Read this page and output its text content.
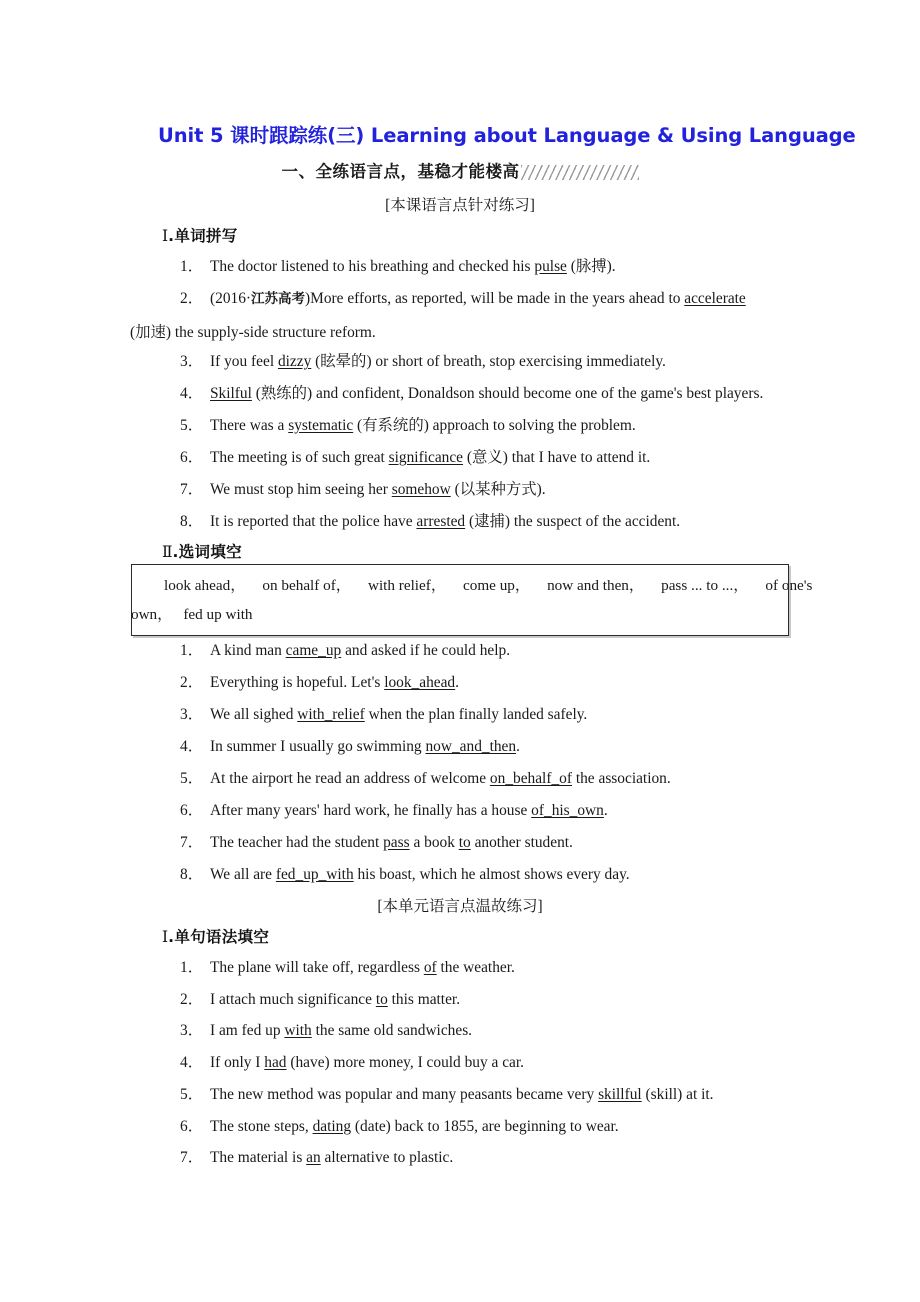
Unit 5 课时跟踪练(三) Learning about Language & Using Language
一、全练语言点，基稳才能楼高
[本课语言点针对练习]
Ⅰ.单词拼写
1． The doctor listened to his breathing and checked his pulse (脉搏).
2． (2016·江苏高考)More efforts, as reported, will be made in the years ahead to accelerate
(加速) the supply-side structure reform.
3． If you feel dizzy (眩晕的) or short of breath, stop exercising immediately.
4． Skilful (熟练的) and confident, Donaldson should become one of the game's best players.
5． There was a systematic (有系统的) approach to solving the problem.
6． The meeting is of such great significance (意义) that I have to attend it.
7． We must stop him seeing her somehow (以某种方式).
8． It is reported that the police have arrested (逮捕) the suspect of the accident.
Ⅱ.选词填空
look ahead， on behalf of， with relief， come up， now and then， pass ... to ...， of one's
own， fed up with
1． A kind man came_up and asked if he could help.
2． Everything is hopeful. Let's look_ahead.
3． We all sighed with_relief when the plan finally landed safely.
4． In summer I usually go swimming now_and_then.
5． At the airport he read an address of welcome on_behalf_of the association.
6． After many years' hard work, he finally has a house of_his_own.
7． The teacher had the student pass a book to another student.
8． We all are fed_up_with his boast, which he almost shows every day.
[本单元语言点温故练习]
Ⅰ.单句语法填空
1． The plane will take off, regardless of the weather.
2． I attach much significance to this matter.
3． I am fed up with the same old sandwiches.
4． If only I had (have) more money, I could buy a car.
5． The new method was popular and many peasants became very skillful (skill) at it.
6． The stone steps, dating (date) back to 1855, are beginning to wear.
7． The material is an alternative to plastic.
